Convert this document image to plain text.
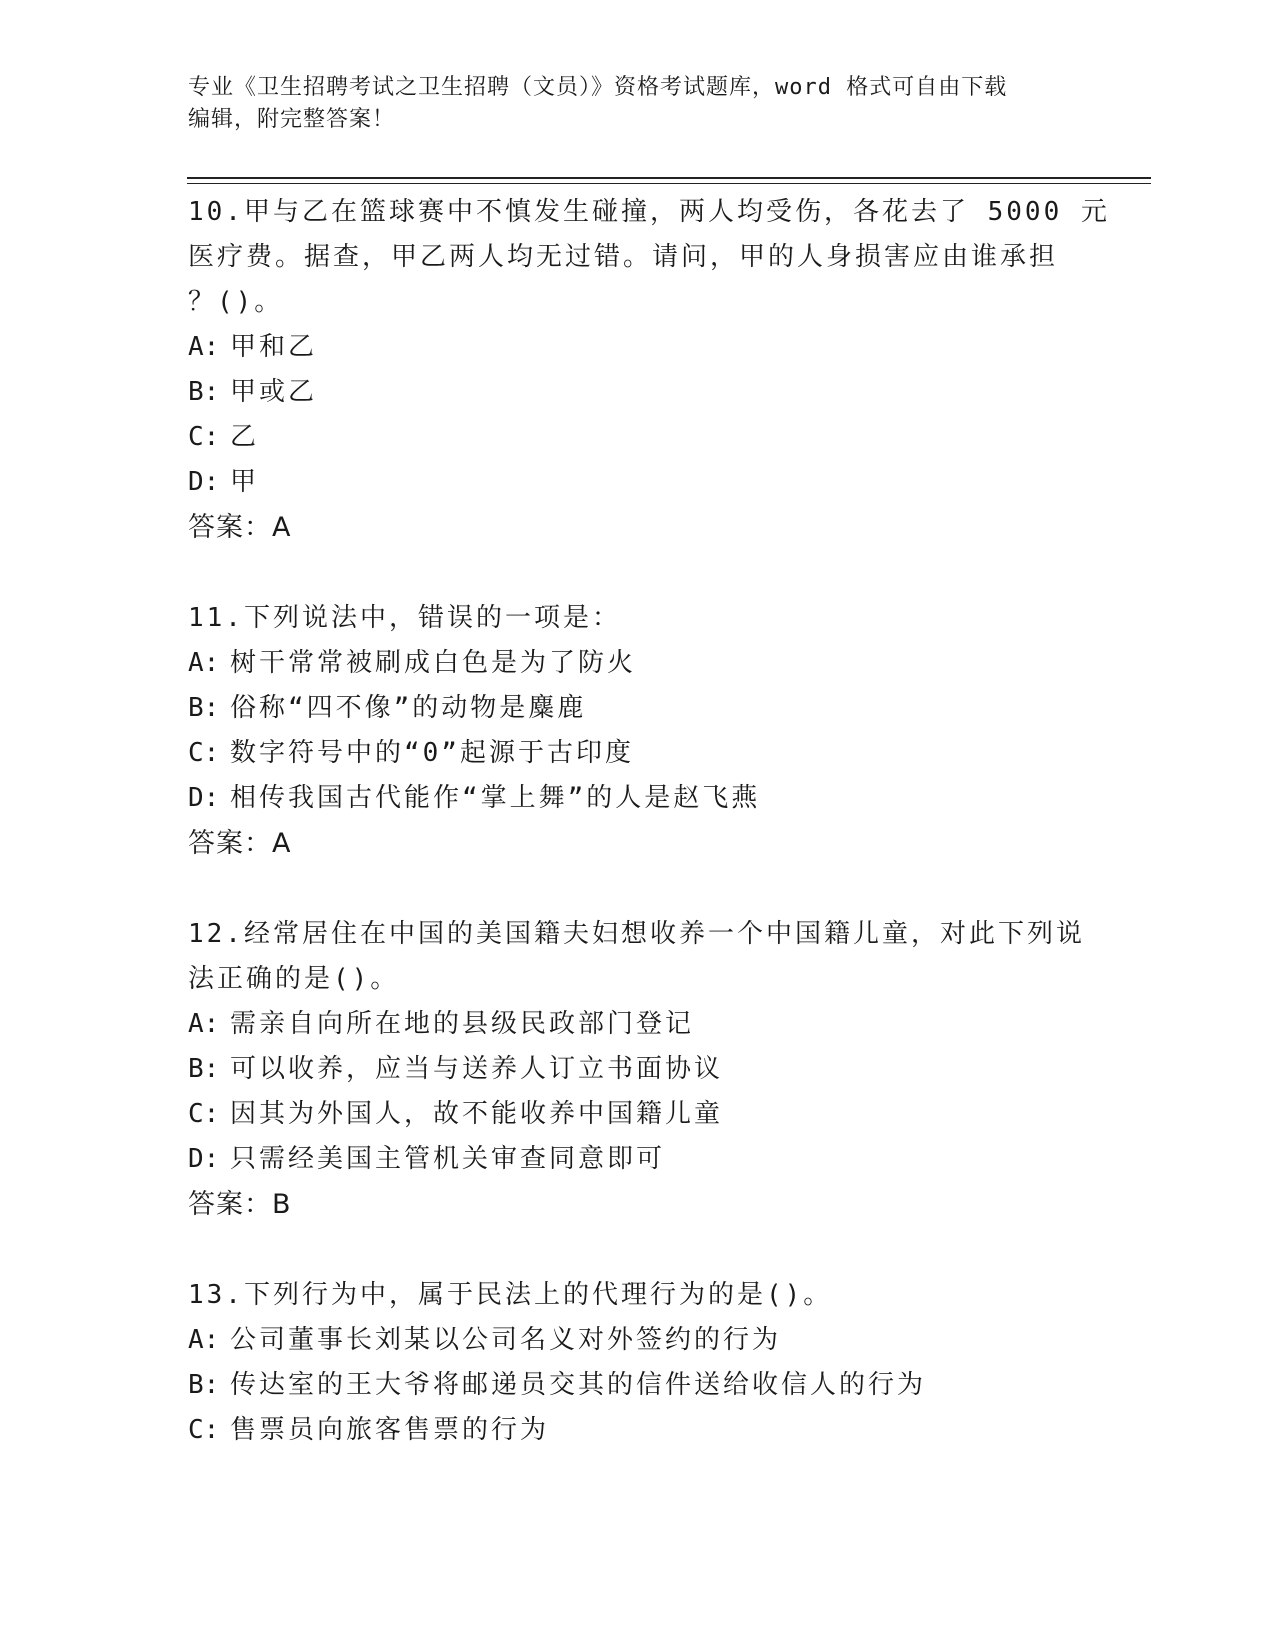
专业《卫生招聘考试之卫生招聘（文员）》资格考试题库，word 格式可自由下载
编辑，附完整答案！
10.甲与乙在篮球赛中不慎发生碰撞，两人均受伤，各花去了 5000 元
医疗费。据查，甲乙两人均无过错。请问，甲的人身损害应由谁承担
？()。
A: 甲和乙
B: 甲或乙
C: 乙
D: 甲
答案：A
11.下列说法中，错误的一项是：
A: 树干常常被刷成白色是为了防火
B: 俗称“四不像”的动物是麋鹿
C: 数字符号中的“0”起源于古印度
D: 相传我国古代能作“掌上舞”的人是赵飞燕
答案：A
12.经常居住在中国的美国籍夫妇想收养一个中国籍儿童，对此下列说
法正确的是()。
A: 需亲自向所在地的县级民政部门登记
B: 可以收养，应当与送养人订立书面协议
C: 因其为外国人，故不能收养中国籍儿童
D: 只需经美国主管机关审查同意即可
答案：B
13.下列行为中，属于民法上的代理行为的是()。
A: 公司董事长刘某以公司名义对外签约的行为
B: 传达室的王大爷将邮递员交其的信件送给收信人的行为
C: 售票员向旅客售票的行为
